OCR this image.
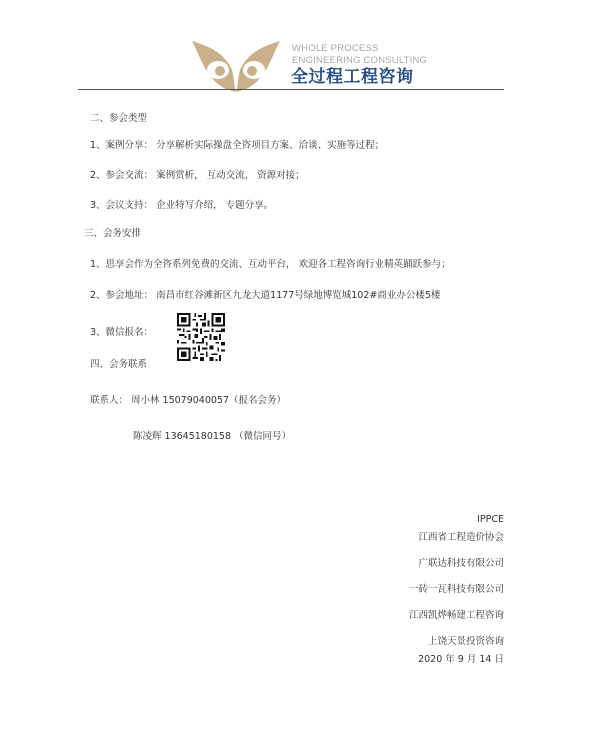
WHOLE PROCESS
ENGINEERING CONSULTING
全过程工程咨询
二、参会类型
1、案例分享： 分享解析实际操盘全咨项目方案、洽谈、实施等过程；
2、参会交流： 案例赏析， 互动交流， 资源对接；
3、会议支持： 企业特写介绍， 专题分享。
三、会务安排
1、思享会作为全咨系列免费的交流、互动平台， 欢迎各工程咨询行业精英踊跃参与；
2、参会地址： 南昌市红谷滩新区九龙大道1177号绿地博览城102#商业办公楼5楼
3、微信报名：
四、会务联系
联系人： 周小林 15079040057（报名会务）
陈凌辉 13645180158 （微信同号）
IPPCE
江西省工程造价协会
广联达科技有限公司
一砖一瓦科技有限公司
江西凯烨畅建工程咨询
上饶天景投资咨询
2020 年 9 月 14 日
